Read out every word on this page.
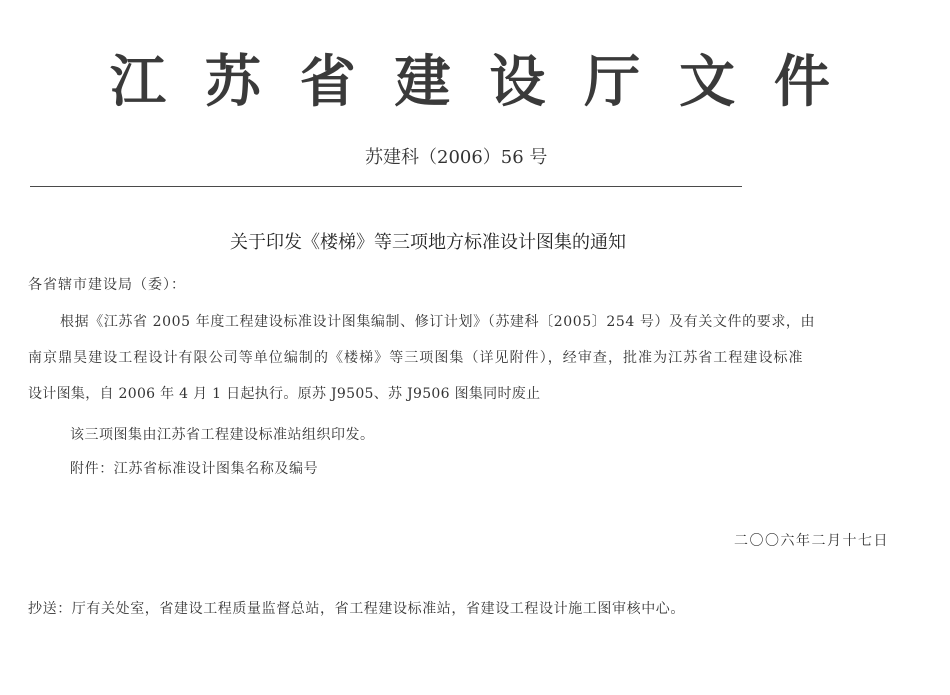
江 苏 省 建 设 厅 文 件
苏建科（2006）56 号
关于印发《楼梯》等三项地方标准设计图集的通知
各省辖市建设局（委）：
根据《江苏省 2005 年度工程建设标准设计图集编制、修订计划》（苏建科〔2005〕254 号）及有关文件的要求，由
南京鼎昊建设工程设计有限公司等单位编制的《楼梯》等三项图集（详见附件），经审查，批准为江苏省工程建设标准
设计图集，自 2006 年 4 月 1 日起执行。原苏 J9505、苏 J9506 图集同时废止
该三项图集由江苏省工程建设标准站组织印发。
附件：江苏省标准设计图集名称及编号
二〇〇六年二月十七日
抄送：厅有关处室，省建设工程质量监督总站，省工程建设标准站，省建设工程设计施工图审核中心。
